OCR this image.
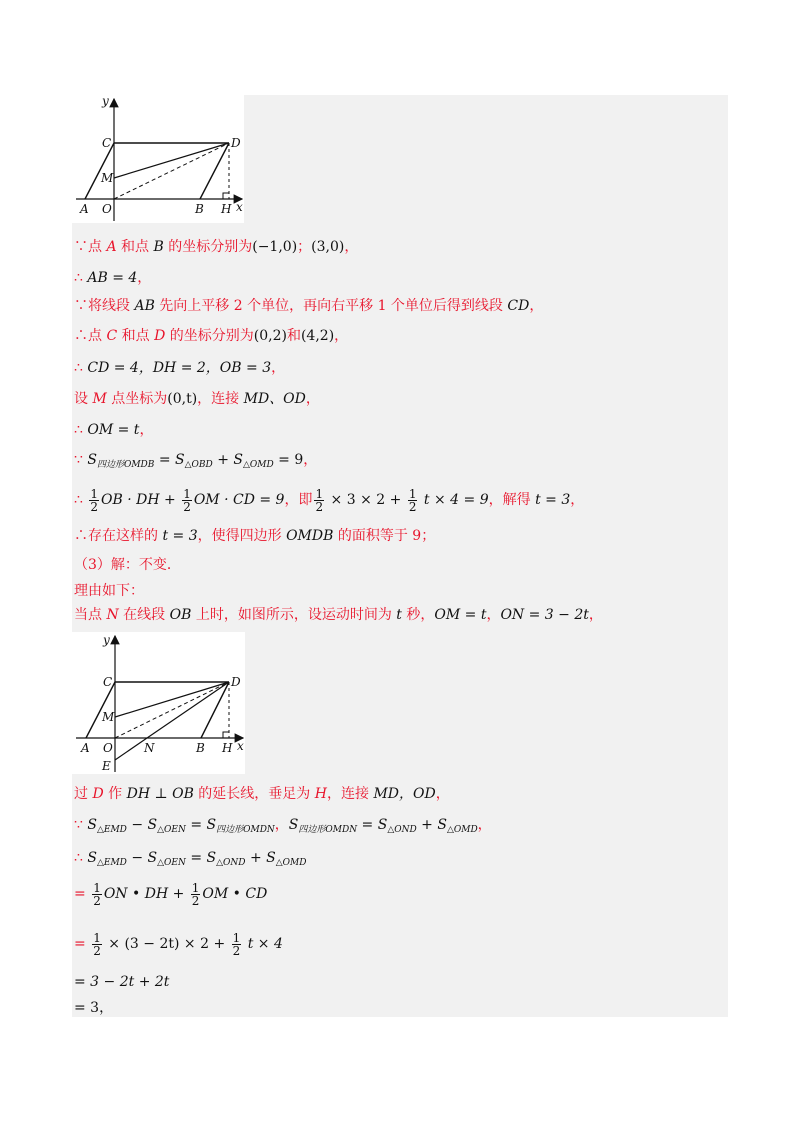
y
x
C	D
M
A O	B H
∵点 A 和点 B 的坐标分别为(−1,0)；(3,0)，
∴ AB = 4，
∵将线段 AB 先向上平移 2 个单位，再向右平移 1 个单位后得到线段 CD，
∴点 C 和点 D 的坐标分别为(0,2)和(4,2)，
∴ CD = 4，DH = 2，OB = 3，
设 M 点坐标为(0,t)，连接 MD、OD，
∴ OM = t，
∵ $S_{四边形OMDB} = S_{\triangle OBD} + S_{\triangle OMD} = 9$，
∴ $\frac{1}{2}$ OB · DH + $\frac{1}{2}$ OM · CD = 9，即 $\frac{1}{2} \times 3 \times 2 + \frac{1}{2}$ t × 4 = 9，解得 t = 3，
∴存在这样的 t = 3，使得四边形 OMDB 的面积等于 9；
（3）解：不变．
理由如下：
当点 N 在线段 OB 上时，如图所示，设运动时间为 t 秒，OM = t，ON = 3 − 2t，
y
x
C	D
M
A O	N	B H
E
过 D 作 DH ⊥ OB 的延长线，垂足为 H，连接 MD，OD，
∵ $S_{\triangle EMD} - S_{\triangle OEN} = S_{四边形OMDN}$，$S_{四边形OMDN} = S_{\triangle OND} + S_{\triangle OMD}$，
∴ $S_{\triangle EMD} - S_{\triangle OEN} = S_{\triangle OND} + S_{\triangle OMD}$
= $\frac{1}{2}$ ON • DH + $\frac{1}{2}$ OM • CD
= $\frac{1}{2} \times (3 - 2t) \times 2 + \frac{1}{2}$ t × 4
= 3 − 2t + 2t
= 3，
